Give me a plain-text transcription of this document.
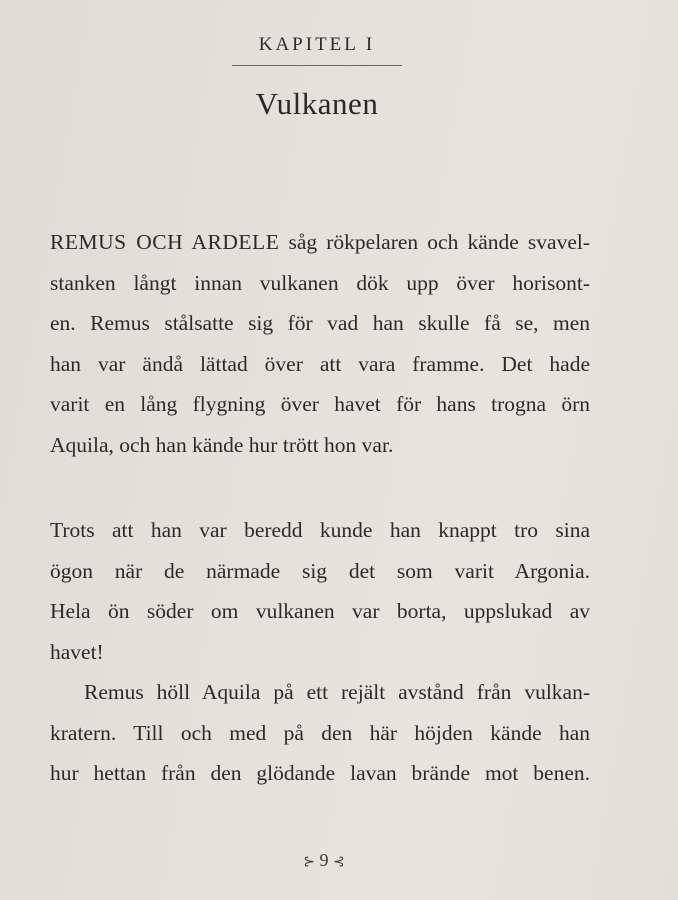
KAPITEL I
Vulkanen
REMUS OCH ARDELE såg rökpelaren och kände svavel-
stanken långt innan vulkanen dök upp över horisont-
en. Remus stålsatte sig för vad han skulle få se, men
han var ändå lättad över att vara framme. Det hade
varit en lång flygning över havet för hans trogna örn
Aquila, och han kände hur trött hon var.
Trots att han var beredd kunde han knappt tro sina
ögon när de närmade sig det som varit Argonia.
Hela ön söder om vulkanen var borta, uppslukad av
havet!
Remus höll Aquila på ett rejält avstånd från vulkan-
kratern. Till och med på den här höjden kände han
hur hettan från den glödande lavan brände mot benen.
⊱ 9 ⊰
